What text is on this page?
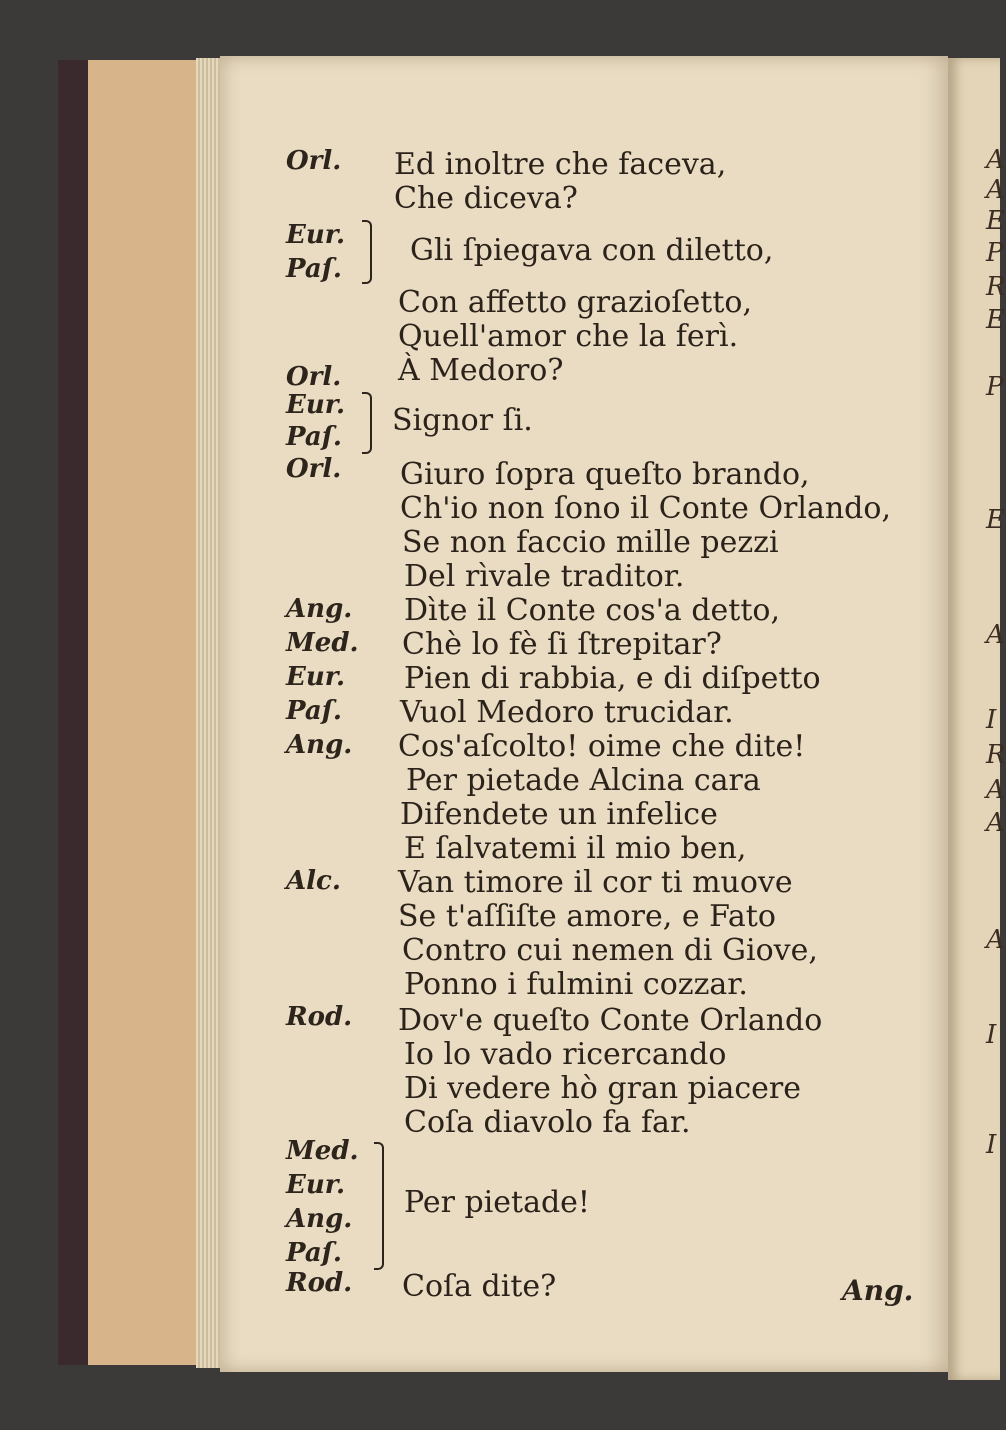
A
A
E
P
R
E
P
E
A
I
R
A
A
A
I
I
Orl.
Eur.
Paſ.
Orl.
Eur.
Paſ.
Orl.
Ang.
Med.
Eur.
Paſ.
Ang.
Alc.
Rod.
Med.
Eur.
Ang.
Paſ.
Rod.
Ed inoltre che faceva,
Che diceva?
Gli ſpiegava con diletto,
Con affetto grazioſetto,
Quell'amor che la ferì.
À Medoro?
Signor ſi.
Giuro ſopra queſto brando,
Ch'io non ſono il Conte Orlando,
Se non faccio mille pezzi
Del rìvale traditor.
Dìte il Conte cos'a detto,
Chè lo fè ſi ſtrepitar?
Pien di rabbia, e di diſpetto
Vuol Medoro trucidar.
Cos'aſcolto! oime che dite!
Per pietade Alcina cara
Difendete un infelice
E ſalvatemi il mio ben,
Van timore il cor ti muove
Se t'aſſiſte amore, e Fato
Contro cui nemen di Giove,
Ponno i fulmini cozzar.
Dov'e queſto Conte Orlando
Io lo vado ricercando
Di vedere hò gran piacere
Coſa diavolo fa far.
Per pietade!
Coſa dite?	Ang.
